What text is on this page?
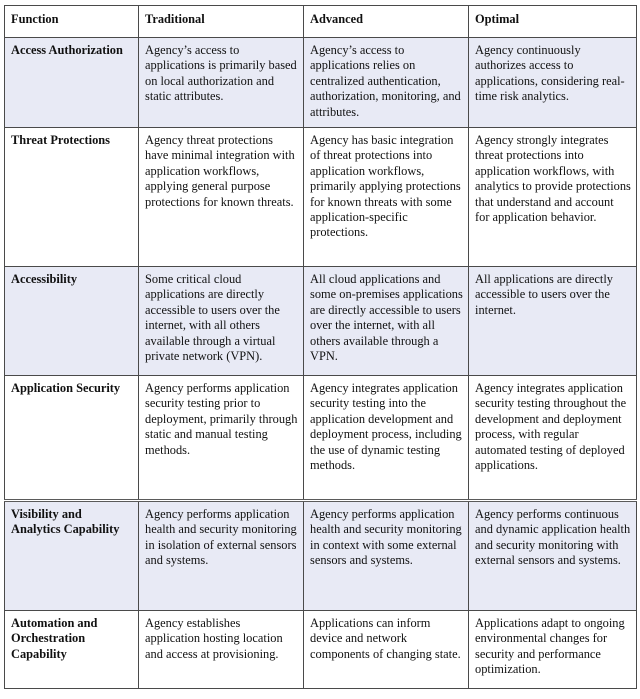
Function	Traditional	Advanced	Optimal
Access Authorization	Agency’s access to applications is primarily based on local authorization and static attributes.	Agency’s access to applications relies on centralized authentication, authorization, monitoring, and attributes.	Agency continuously authorizes access to applications, considering real-time risk analytics.
Threat Protections	Agency threat protections have minimal integration with application workflows, applying general purpose protections for known threats.	Agency has basic integration of threat protections into application workflows, primarily applying protections for known threats with some application-specific protections.	Agency strongly integrates threat protections into application workflows, with analytics to provide protections that understand and account for application behavior.
Accessibility	Some critical cloud applications are directly accessible to users over the internet, with all others available through a virtual private network (VPN).	All cloud applications and some on-premises applications are directly accessible to users over the internet, with all others available through a VPN.	All applications are directly accessible to users over the internet.
Application Security	Agency performs application security testing prior to deployment, primarily through static and manual testing methods.	Agency integrates application security testing into the application development and deployment process, including the use of dynamic testing methods.	Agency integrates application security testing throughout the development and deployment process, with regular automated testing of deployed applications.
Visibility and Analytics Capability	Agency performs application health and security monitoring in isolation of external sensors and systems.	Agency performs application health and security monitoring in context with some external sensors and systems.	Agency performs continuous and dynamic application health and security monitoring with external sensors and systems.
Automation and Orchestration Capability	Agency establishes application hosting location and access at provisioning.	Applications can inform device and network components of changing state.	Applications adapt to ongoing environmental changes for security and performance optimization.
